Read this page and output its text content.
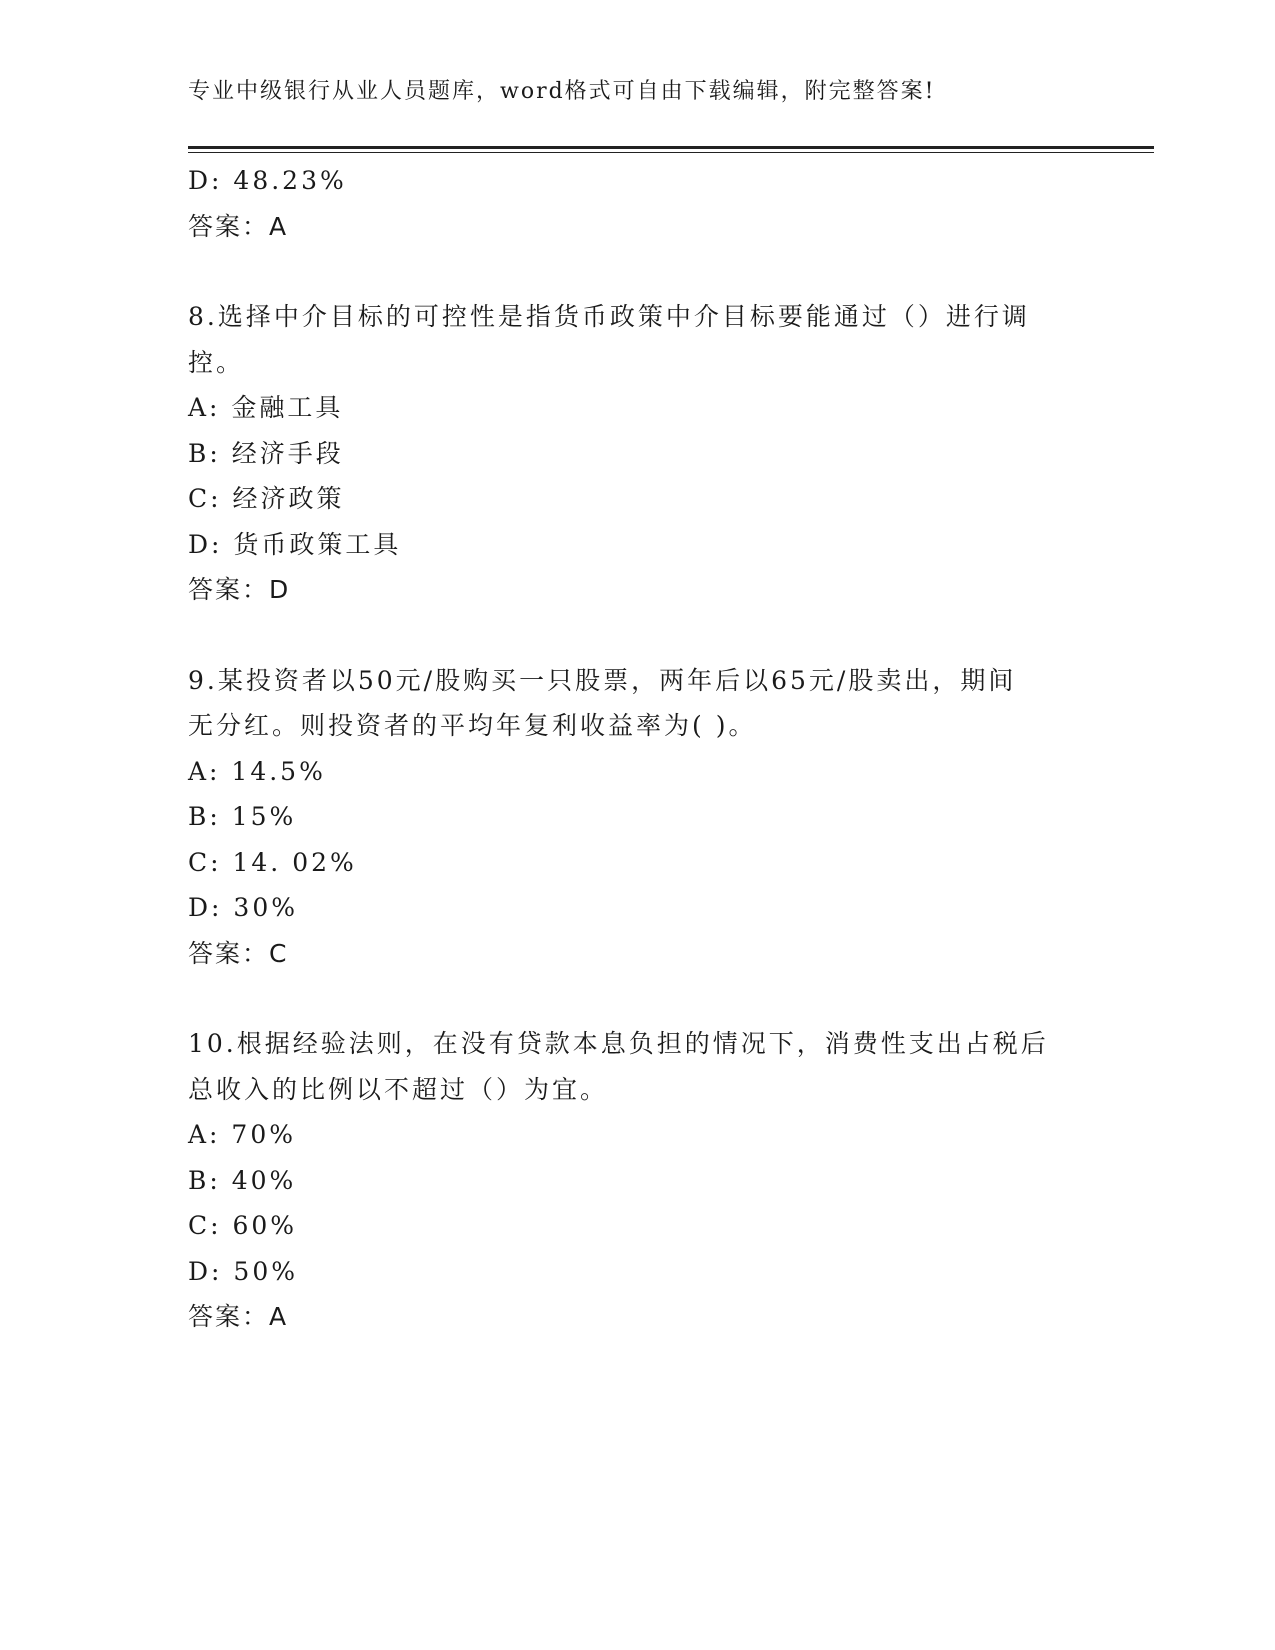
专业中级银行从业人员题库，word格式可自由下载编辑，附完整答案!
D: 48.23%
答案：A
8.选择中介目标的可控性是指货币政策中介目标要能通过（）进行调
控。
A: 金融工具
B: 经济手段
C: 经济政策
D: 货币政策工具
答案：D
9.某投资者以50元/股购买一只股票，两年后以65元/股卖出，期间
无分红。则投资者的平均年复利收益率为( )。
A: 14.5%
B: 15%
C: 14. 02%
D: 30%
答案：C
10.根据经验法则，在没有贷款本息负担的情况下，消费性支出占税后
总收入的比例以不超过（）为宜。
A: 70%
B: 40%
C: 60%
D: 50%
答案：A
